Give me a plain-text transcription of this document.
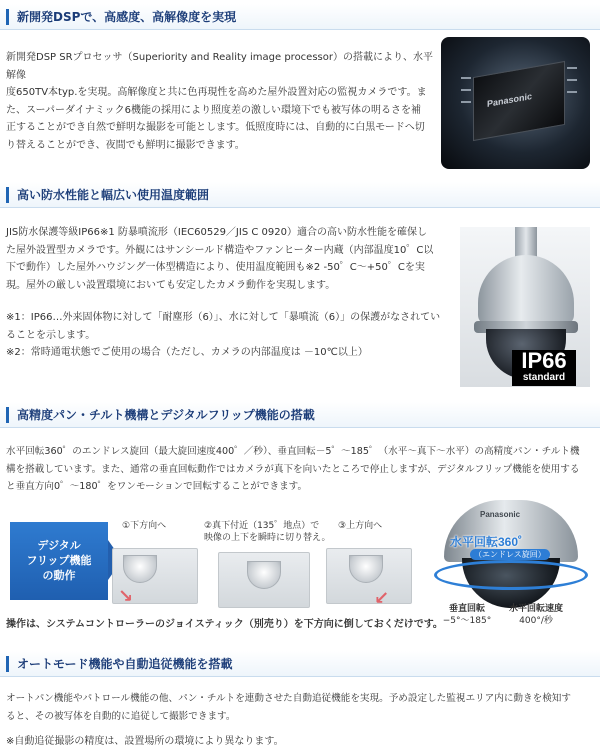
新開発DSPで、高感度、高解像度を実現
新開発DSP SRプロセッサ（Superiority and Reality image processor）の搭載により、水平解像
度650TV本typ.を実現。高解像度と共に色再現性を高めた屋外設置対応の監視カメラです。ま
た、スーパーダイナミック6機能の採用により照度差の激しい環境下でも被写体の明るさを補
正することができ自然で鮮明な撮影を可能とします。低照度時には、自動的に白黒モードへ切
り替えることができ、夜間でも鮮明に撮影できます。
Panasonic
高い防水性能と幅広い使用温度範囲
JIS防水保護等級IP66※1 防暴噴流形（IEC60529／JIS C 0920）適合の高い防水性能を確保し
た屋外設置型カメラです。外観にはサンシールド構造やファンヒーター内蔵（内部温度10゜C以
下で動作）した屋外ハウジング一体型構造により、使用温度範囲も※2 -50゜C～+50゜Cを実
現。屋外の厳しい設置環境においても安定したカメラ動作を実現します。
※1：IP66…外来固体物に対して「耐塵形（6）」、水に対して「暴噴流（6）」の保護がなされてい
ることを示します。
※2：常時通電状態でご使用の場合（ただし、カメラの内部温度は －10℃以上）	IP66
standard
高精度パン・チルト機構とデジタルフリップ機能の搭載
水平回転360゜のエンドレス旋回（最大旋回速度400゜／秒）、垂直回転－5゜～185゜（水平～真下～水平）の高精度パン・チルト機
構を搭載しています。また、通常の垂直回転動作ではカメラが真下を向いたところで停止しますが、デジタルフリップ機能を使用する
と垂直方向0゜～180゜をワンモーションで回転することができます。
デジタル
フリップ機能
の動作
①下方向へ
↘
②真下付近（135゜地点）で
映像の上下を瞬時に切り替え。
③上方向へ
↙
操作は、システムコントローラーのジョイスティック（別売り）を下方向に倒しておくだけです。
Panasonic
水平回転360゜
（エンドレス旋回）
垂直回転
−5°〜185°
水平回転速度
400°/秒
オートモード機能や自動追従機能を搭載
オートパン機能やパトロール機能の他、パン・チルトを連動させた自動追従機能を実現。予め設定した監視エリア内に動きを検知す
ると、その被写体を自動的に追従して撮影できます。
※自動追従撮影の精度は、設置場所の環境により異なります。
